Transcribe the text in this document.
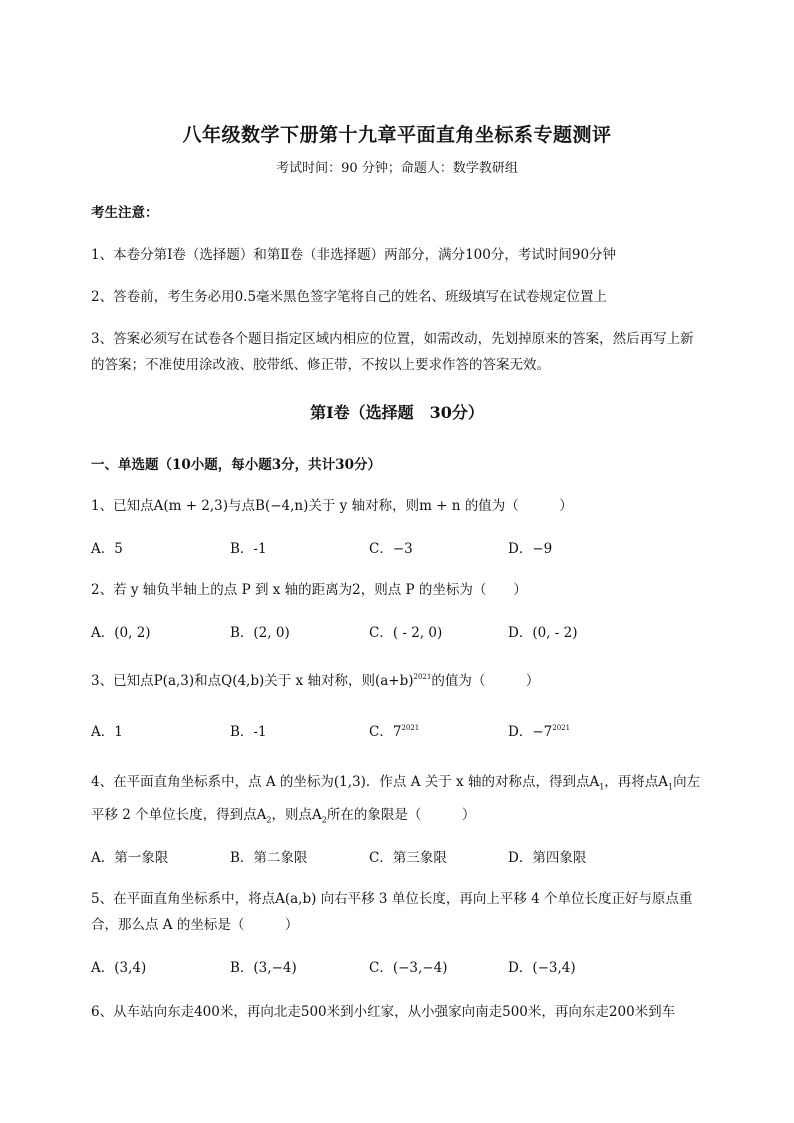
八年级数学下册第十九章平面直角坐标系专题测评
考试时间：90 分钟；命题人：数学教研组
考生注意：
1、本卷分第Ⅰ卷（选择题）和第Ⅱ卷（非选择题）两部分，满分100分，考试时间90分钟
2、答卷前，考生务必用0.5毫米黑色签字笔将自己的姓名、班级填写在试卷规定位置上
3、答案必须写在试卷各个题目指定区域内相应的位置，如需改动，先划掉原来的答案，然后再写上新
的答案；不准使用涂改液、胶带纸、修正带，不按以上要求作答的答案无效。
第Ⅰ卷（选择题　30分）
一、单选题（10小题，每小题3分，共计30分）
1、已知点A(m + 2,3)与点B(−4,n)关于 y 轴对称，则m + n 的值为（　　　）
A．5	B．-1	C．−3	D．−9
2、若 y 轴负半轴上的点 P 到 x 轴的距离为2，则点 P 的坐标为（　　）
A．(0, 2)	B．(2, 0)	C．( - 2, 0)	D．(0, - 2)
3、已知点P(a,3)和点Q(4,b)关于 x 轴对称，则$(a+b)^{2021}$的值为（　　　）
A．1	B．-1	C．$7^{2021}$	D．$-7^{2021}$
4、在平面直角坐标系中，点 A 的坐标为(1,3)．作点 A 关于 x 轴的对称点，得到点$A_1$，再将点$A_1$向左
平移 2 个单位长度，得到点$A_2$，则点$A_2$所在的象限是（　　　）
A．第一象限	B．第二象限	C．第三象限	D．第四象限
5、在平面直角坐标系中，将点A(a,b) 向右平移 3 单位长度，再向上平移 4 个单位长度正好与原点重
合，那么点 A 的坐标是（　　　）
A．(3,4)	B．(3,−4)	C．(−3,−4)	D．(−3,4)
6、从车站向东走400米，再向北走500米到小红家，从小强家向南走500米，再向东走200米到车
